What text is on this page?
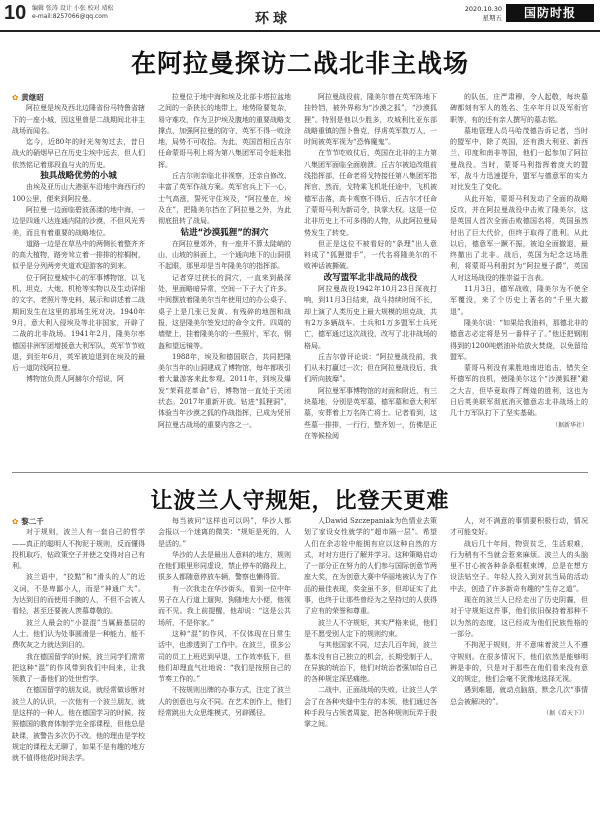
10 编辑 张涛 设计 小张 校对 靖松
e-mail:8257066@qq.com	环球
2020.10.30
星期五	国防时报
在阿拉曼探访二战北非主战场

✿ 黄继昭

阿拉曼是埃及西北边陲省份马特鲁省辖下的一座小城，因这里曾是二战期间北非主战场而闻名。

迄今，近80年的时光匆匆过去，昔日战火的硝烟早已在历史尘埃中远去，但人们依然铭记着那段血与火的历史。

独具战略优势的小城

由埃及亚历山大港驱车沿地中海西行约100公里，便来到阿拉曼。

阿拉曼一边面临碧波荡漾的地中海，一边是四通八达连通内陆的沙漠，不但风光秀美，而且有着重要的战略地位。

道路一边是在草丛中的两侧长着整齐齐的高大植物，路旁耸立着一排排的棕榈树，似乎是分列两旁夹道欢迎游客的到来。

位于阿拉曼城中心的军事博物馆，以飞机、坦克、大炮、机枪等实物以及生动详细的文字、老照片等史料，展示和讲述着二战期间发生在这里的那场生死对决。1940年9月，意大利入侵埃及等北非国家，开辟了二战的北非战场。1941年2月，隆美尔率德国非洲军团增援意大利军队，英军节节败退，到至年6月，英军被迫退到在埃及的最后一道防线阿拉曼。

博物馆负责人阿赫尔介绍说，阿

拉曼位于地中海和埃及北部卡塔拉盆地之间的一条狭长的地带上，地势险要复杂，易守难攻，作为卫护埃及腹地的重要战略支撑点，加强阿拉曼的防守，英军不得一败涂地，局势不可收拾。为此，英国首相丘吉尔任命蒙哥马利上将为第八集团军司令赶来指挥。

丘吉尔则亲临北非视察，还亲自修改、丰富了英军作战方案。英军官兵上下一心，士气高涨，誓死守住埃及，“阿拉曼在，埃及在”，把隆美尔挡在了阿拉曼之外，为此彻底扭转了战局。

钻进“沙漠狐狸”的洞穴

在阿拉曼郊外，有一座并不算太陡峭的山，山坡的斜面上，一个通向地下的山洞很不起眼，那里却是当年隆美尔的指挥部。

记者穿过狭长的洞穴，一直来到最深处，里面略暗异常，空间一下子大了许多。中间摆放着隆美尔当年使用过的办公桌子、桌子上是几张已发黄、有残碎的地图和战报，这是隆美尔签发过的命令文件。四周的墙壁上，挂着隆美尔的一些照片，军衣、钢盔和望远镜等。

1988年，埃及和德国联合，共同把隆美尔当年的山洞建成了博物馆，每年都吸引着大量游客来此参观。2011年，到埃及爆发“茉莉花革命”后，博物馆一直处于关闭状态。2017年重新开放。钻进“狐狸洞”，体验当年沙漠之狐的作战指挥，已成为凭吊阿拉曼古战场的重要内容之一。

阿拉曼战役前，隆美尔曾在英军阵地下挂铃铛，被外界称为“沙漠之狐”，“沙漠狐狸”。特别是他以少胜多，攻城利比亚东部战略重镇的图卜鲁克，俘虏英军数万人，一时间被英军视为“恐怖魔鬼”。

在节节吃败仗后，英国在北非的主力第八集团军面临全面崩溃。丘吉尔被迫改组前线指挥部，任命老将戈特接任第八集团军指挥官，然而，戈特乘飞机赴任途中，飞机被德军击落，高卡观察不得后，丘吉尔才任命了蒙哥马利为新司令，执掌大权。这是一位北非历史上不可多得的人物，从此阿拉曼局势发生了转变。

但正是这位不被看好的“条理”出人意料成了“狐狸猎手”，一代名将隆美尔的不败神话被撕破。

改写盟军北非战局的战役

阿拉曼战役1942年10月23日深夜打响，到11月3日结束，战斗持续时间不长，却上演了人类历史上最大规模的坦克战，共有2万多辆战车、士兵和1万多盟军士兵死亡，德军通过这次战役，改写了北非战场的格局。

丘吉尔曾评论说：“阿拉曼战役前，我们从未打赢过一次；但在阿拉曼战役后，我们所向披靡”。

阿拉曼军事博物馆的对面和附近，有三块墓地，分别是英军墓、德军墓和意大利军墓，安葬着上万名阵亡将士。记者看到，这些墓一排排，一行行，整齐划一，仿佛是正在等候检阅

的队伍，庄严肃穆，令人起敬，每块墓碑都刻有军人的姓名、生卒年月以及军衔官职等，有的还有亲人撰写的墓志铭。

墓地管理人员马哈茂德告诉记者，当时的盟军中，除了英国，还有澳大利亚、新西兰、印度和南非等国，他们一起参加了阿拉曼战役。当时，蒙哥马利指挥着庞大的盟军，战斗力迅速提升，盟军与德意军的实力对比发生了变化。

从此开始，蒙哥马利发动了全面的战略反攻，并在阿拉曼战役中击败了隆美尔，这是英国人首次全面击败德国名将，英国虽然付出了巨大代价，但终于取得了胜利。从此以后，德意军一蹶不振，被迫全面撤退，最终撤出了北非。战后，英国为纪念这场胜利，将蒙哥马利册封为“阿拉曼子爵”，英国人对这场战役的推崇溢于言表。

11月3日，德军战败，隆美尔为不使全军覆没，来了个历史上著名的“千里大撤退”。

隆美尔说：“如果给我油料，那德北非的德意志必定将是另一番样子了。”他还把钢刚得到的1200吨燃油补给放火焚烧，以免留给盟军。

蒙哥马利没有乘胜地南进追击，错失全歼德军的良机，使隆美尔这个“沙漠狐狸”避之大吉，但毕竟取得了辉煌的胜利，这也为日后英美联军彻底消灭德意志北非战场上的几十万军队打下了坚实基础。

（据新华社）

让波兰人守规矩，比登天更难

✿ 黎二千

对于规则，波兰人有一套自己的哲学——真正的聪明人不拘泥于规则，反而懂得投机取巧，钻政策空子并使之变得对自己有利。

波兰语中，“狡黠”和“滑头的人”的近义词，不是卑鄙小人，而是“神通广大”。为达到目的而使用手腕的人，不但不会被人看轻，甚至还要被人羡慕尊敬的。

波兰人最会的“小混混”当属最基层的人士，他们认为处事圆滑是一种能力，能不费吹灰之力就达到目的。

我在德国留学的时候，波兰同学们常常把这种“混”的作风带到我们中间来，让我领教了一番他们的处世哲学。

在德国留学的朋友说，就经常做诊断对波兰人的认识，一次他有一个波兰朋友，就是这样的一种人。他在德国学习的时候，按照德国的教育体制学完全部课程，但他总是缺课，被警告多次仍不改。他的理由是学校规定的课程太无聊了，如果不是有趣的地方就不值得他花时间去学。

每当被问“这样也可以吗”，华沙人都会报以一个迷离的微笑：“规矩是死的，人是活的。”

华沙的人去是最出人意料的地方，规则在他们眼里形同虚设，禁止停车的路段上，很多人都随意停放车辆，警察也懒得管。

有一次我走在华沙街头，看到一位中年男子在人行道上遛狗，狗随地大小便，他视而不见。我上前提醒，他却说：“这是公共场所，不是你家。”

这种“混”的作风，不仅体现在日常生活中，也渗透到了工作中。在波兰，很多公司的员工上班迟到早退，工作效率低下，但他们却理直气壮地说：“我们是按照自己的节奏工作的。”

不按规则出牌的办事方式，注定了波兰人的创意也与众不同。在艺术创作上，他们经常跳出大众思维模式，另辟蹊径。

人Dawid Szczepaniak为色情业去策划了家设女性就学的“超市隔一层”。希望人们在余志铨中能拥有应以这种自然的方式，对对方进行了解并学习。这种策略启动了一部分正在努力的人们参与国际创意节两座大奖，在为创意大赛中华丽地被认为了作品的最佳表现，奖金虽不多，但却证实了此事，也终于让那些曾经为之坚持过的人获得了应有的荣誉和尊重。

波兰人不守规矩，其实严格来说，他们是不愿受别人定下的规则约束。

与其他国家不同，过去几百年间，波兰基本没有自己独立的机会，长期受制于人，在异族的统治下，他们对统治者强加给自己的各种规定深恶痛绝。

二战中，正面战场的失败，让波兰人学会了在各种夹缝中生存的本领，他们通过各种手段与占领者周旋，把各种规则玩弄于股掌之间。

人，对不满意的事情要积极行动，情况才可能变好。

战后几十年间，物资贫乏，生活艰难，行为稍有不当就会惹来麻烦。波兰人的头脑里不甘心被各种条条框框束缚，总是在想方设法钻空子。年轻人投入到对抗当局的活动中去，创造了许多新奇有趣的“生存之道”。

现在的波兰人已经走出了历史阴霾，但对于守规矩这件事，他们依旧保持着那种不以为然的态度，这已经成为他们民族性格的一部分。

不拘泥于规则，并不意味着波兰人不遵守规则。在很多情况下，他们依然是能够明辨是非的，只是对于那些在他们看来没有意义的规定，他们会毫不犹豫地选择无视。

遇到难题，就动点脑筋，默念几次“事情总会被解决的”。

（据《看天下》）
